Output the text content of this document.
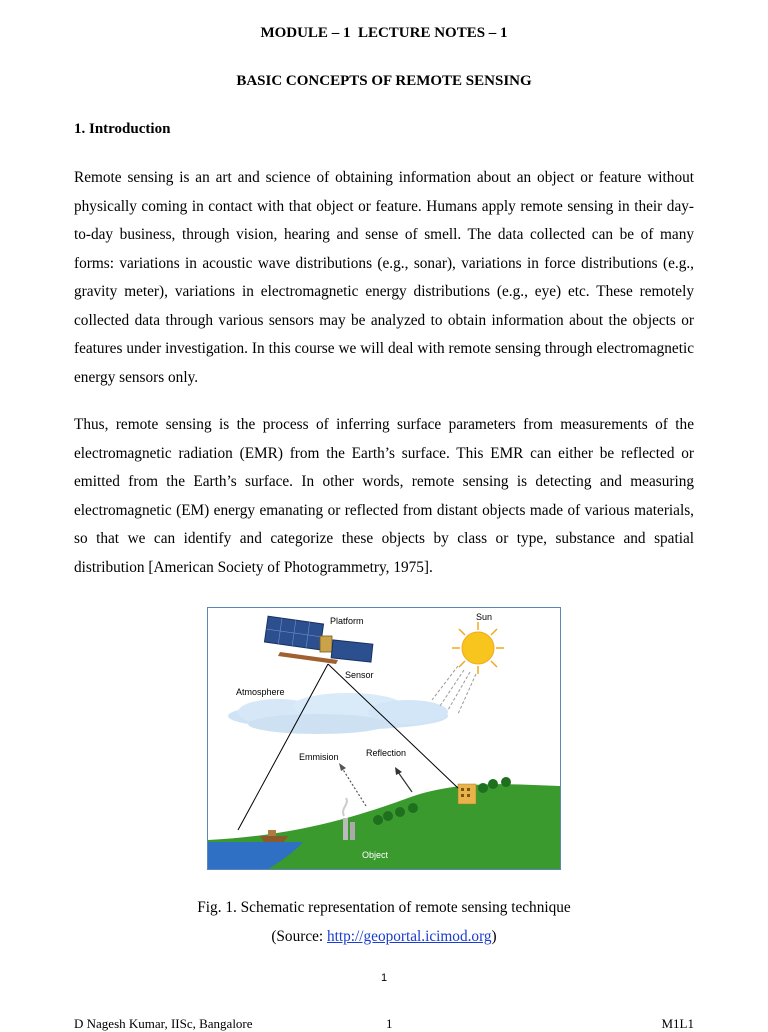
MODULE – 1  LECTURE NOTES – 1
BASIC CONCEPTS OF REMOTE SENSING
1. Introduction

Remote sensing is an art and science of obtaining information about an object or feature without physically coming in contact with that object or feature. Humans apply remote sensing in their day-to-day business, through vision, hearing and sense of smell. The data collected can be of many forms: variations in acoustic wave distributions (e.g., sonar), variations in force distributions (e.g., gravity meter), variations in electromagnetic energy distributions (e.g., eye) etc. These remotely collected data through various sensors may be analyzed to obtain information about the objects or features under investigation. In this course we will deal with remote sensing through electromagnetic energy sensors only.

Thus, remote sensing is the process of inferring surface parameters from measurements of the electromagnetic radiation (EMR) from the Earth’s surface. This EMR can either be reflected or emitted from the Earth’s surface. In other words, remote sensing is detecting and measuring electromagnetic (EM) energy emanating or reflected from distant objects made of various materials, so that we can identify and categorize these objects by class or type, substance and spatial distribution [American Society of Photogrammetry, 1975].

Platform	Sun
Sensor
Atmosphere
Emmision	Reflection
Object
Fig. 1. Schematic representation of remote sensing technique
(Source: http://geoportal.icimod.org)
1
D Nagesh Kumar, IISc, Bangalore	1	M1L1
